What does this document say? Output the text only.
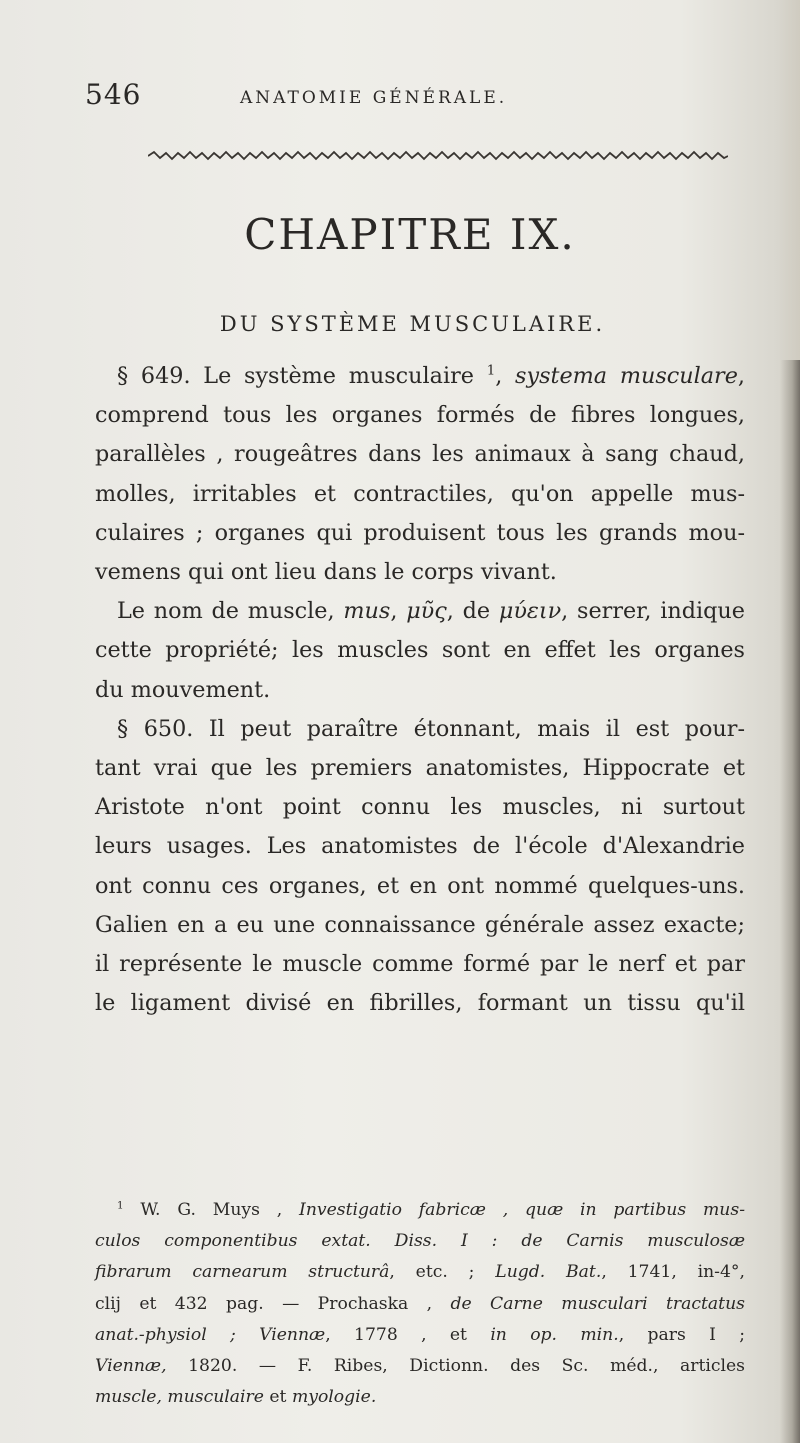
546	ANATOMIE GÉNÉRALE.
CHAPITRE IX.
DU SYSTÈME MUSCULAIRE.
§ 649. Le système musculaire $^1$, systema musculare,
comprend tous les organes formés de fibres longues,
parallèles , rougeâtres dans les animaux à sang chaud,
molles, irritables et contractiles, qu'on appelle mus-
culaires ; organes qui produisent tous les grands mou-
vemens qui ont lieu dans le corps vivant.
Le nom de muscle, mus, μῦς, de μύειν, serrer, indique
cette propriété; les muscles sont en effet les organes
du mouvement.
§ 650. Il peut paraître étonnant, mais il est pour-
tant vrai que les premiers anatomistes, Hippocrate et
Aristote n'ont point connu les muscles, ni surtout
leurs usages. Les anatomistes de l'école d'Alexandrie
ont connu ces organes, et en ont nommé quelques-uns.
Galien en a eu une connaissance générale assez exacte;
il représente le muscle comme formé par le nerf et par
le ligament divisé en fibrilles, formant un tissu qu'il
$^1$ W. G. Muys , Investigatio fabricæ , quæ in partibus mus-
culos componentibus extat. Diss. I : de Carnis musculosæ
fibrarum carnearum structurâ, etc. ; Lugd. Bat., 1741, in-4°,
clij et 432 pag. — Prochaska , de Carne musculari tractatus
anat.-physiol ; Viennæ, 1778 , et in op. min., pars I ;
Viennæ, 1820. — F. Ribes, Dictionn. des Sc. méd., articles
muscle, musculaire et myologie.
